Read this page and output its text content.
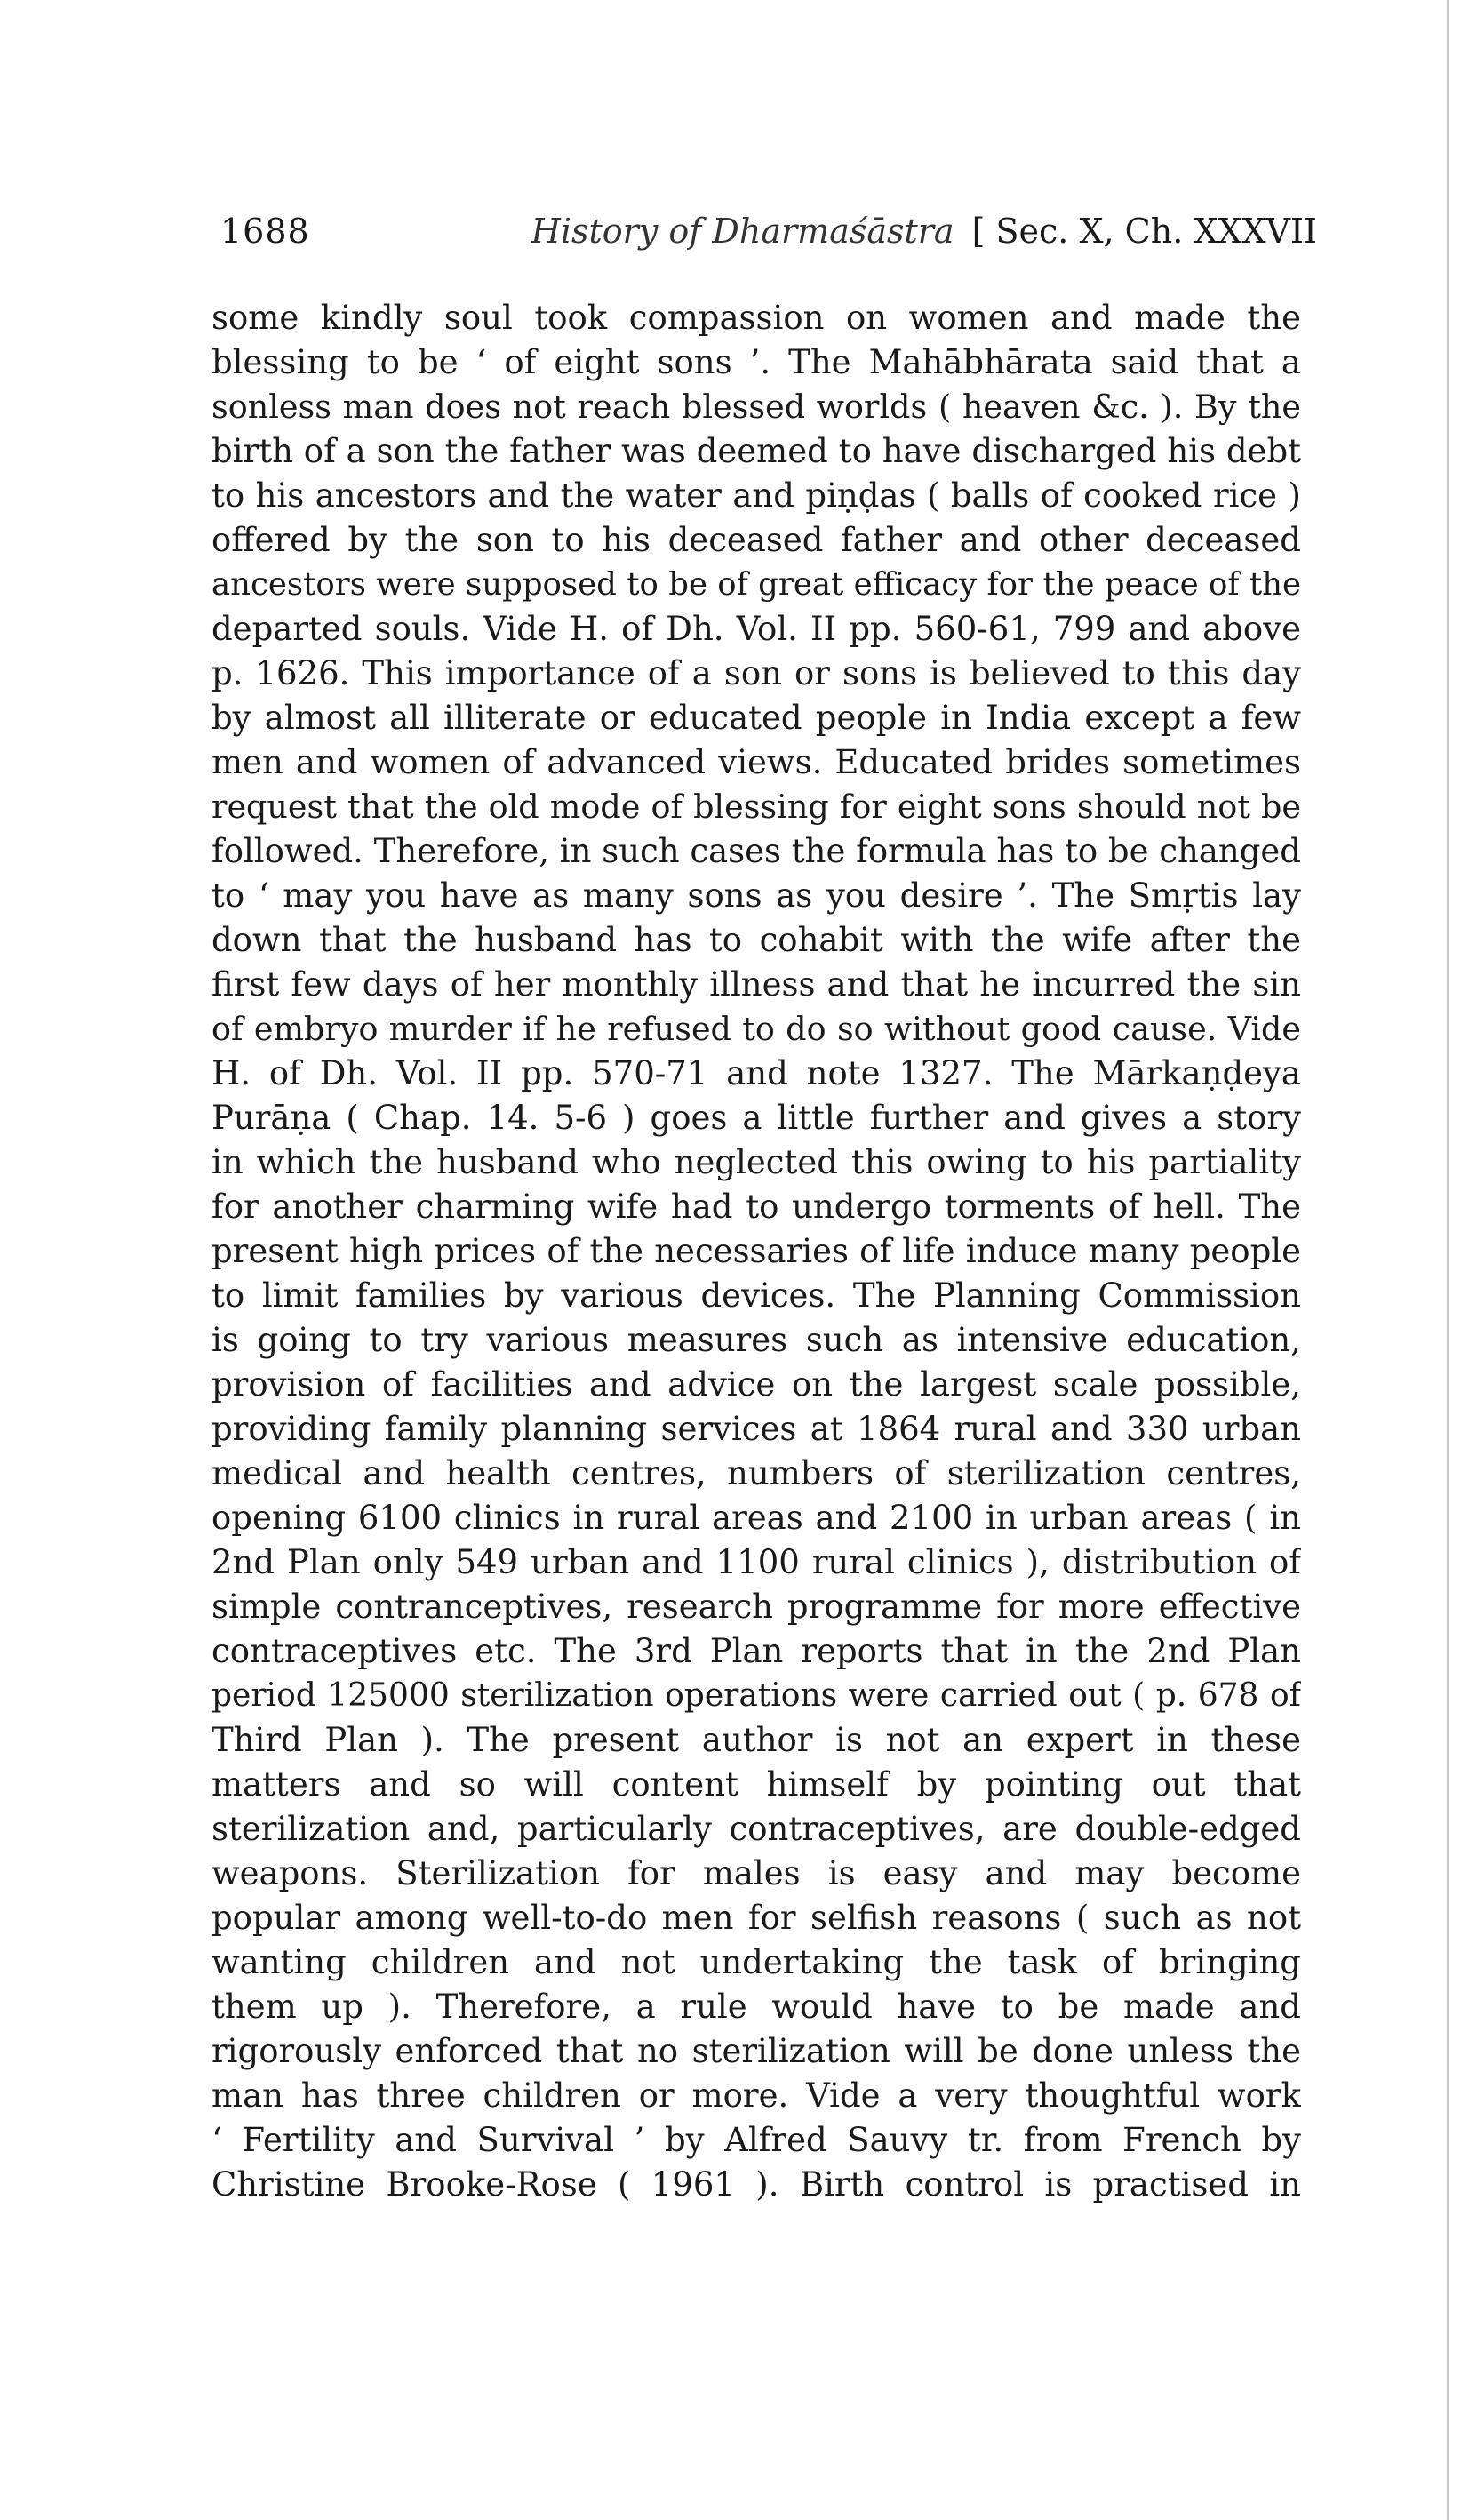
1688	History of Dharmaśāstra [ Sec. X, Ch. XXXVII
some kindly soul took compassion on women and made the
blessing to be ‘ of eight sons ’. The Mahābhārata said that a
sonless man does not reach blessed worlds ( heaven &c. ). By the
birth of a son the father was deemed to have discharged his debt
to his ancestors and the water and piṇḍas ( balls of cooked rice )
offered by the son to his deceased father and other deceased
ancestors were supposed to be of great efficacy for the peace of the
departed souls. Vide H. of Dh. Vol. II pp. 560-61, 799 and above
p. 1626. This importance of a son or sons is believed to this day
by almost all illiterate or educated people in India except a few
men and women of advanced views. Educated brides sometimes
request that the old mode of blessing for eight sons should not be
followed. Therefore, in such cases the formula has to be changed
to ‘ may you have as many sons as you desire ’. The Smṛtis lay
down that the husband has to cohabit with the wife after the
first few days of her monthly illness and that he incurred the sin
of embryo murder if he refused to do so without good cause. Vide
H. of Dh. Vol. II pp. 570-71 and note 1327. The Mārkaṇḍeya
Purāṇa ( Chap. 14. 5-6 ) goes a little further and gives a story
in which the husband who neglected this owing to his partiality
for another charming wife had to undergo torments of hell. The
present high prices of the necessaries of life induce many people
to limit families by various devices. The Planning Commission
is going to try various measures such as intensive education,
provision of facilities and advice on the largest scale possible,
providing family planning services at 1864 rural and 330 urban
medical and health centres, numbers of sterilization centres,
opening 6100 clinics in rural areas and 2100 in urban areas ( in
2nd Plan only 549 urban and 1100 rural clinics ), distribution of
simple contranceptives, research programme for more effective
contraceptives etc. The 3rd Plan reports that in the 2nd Plan
period 125000 sterilization operations were carried out ( p. 678 of
Third Plan ). The present author is not an expert in these
matters and so will content himself by pointing out that
sterilization and, particularly contraceptives, are double-edged
weapons. Sterilization for males is easy and may become
popular among well-to-do men for selfish reasons ( such as not
wanting children and not undertaking the task of bringing
them up ). Therefore, a rule would have to be made and
rigorously enforced that no sterilization will be done unless the
man has three children or more. Vide a very thoughtful work
‘ Fertility and Survival ’ by Alfred Sauvy tr. from French by
Christine Brooke-Rose ( 1961 ). Birth control is practised in
